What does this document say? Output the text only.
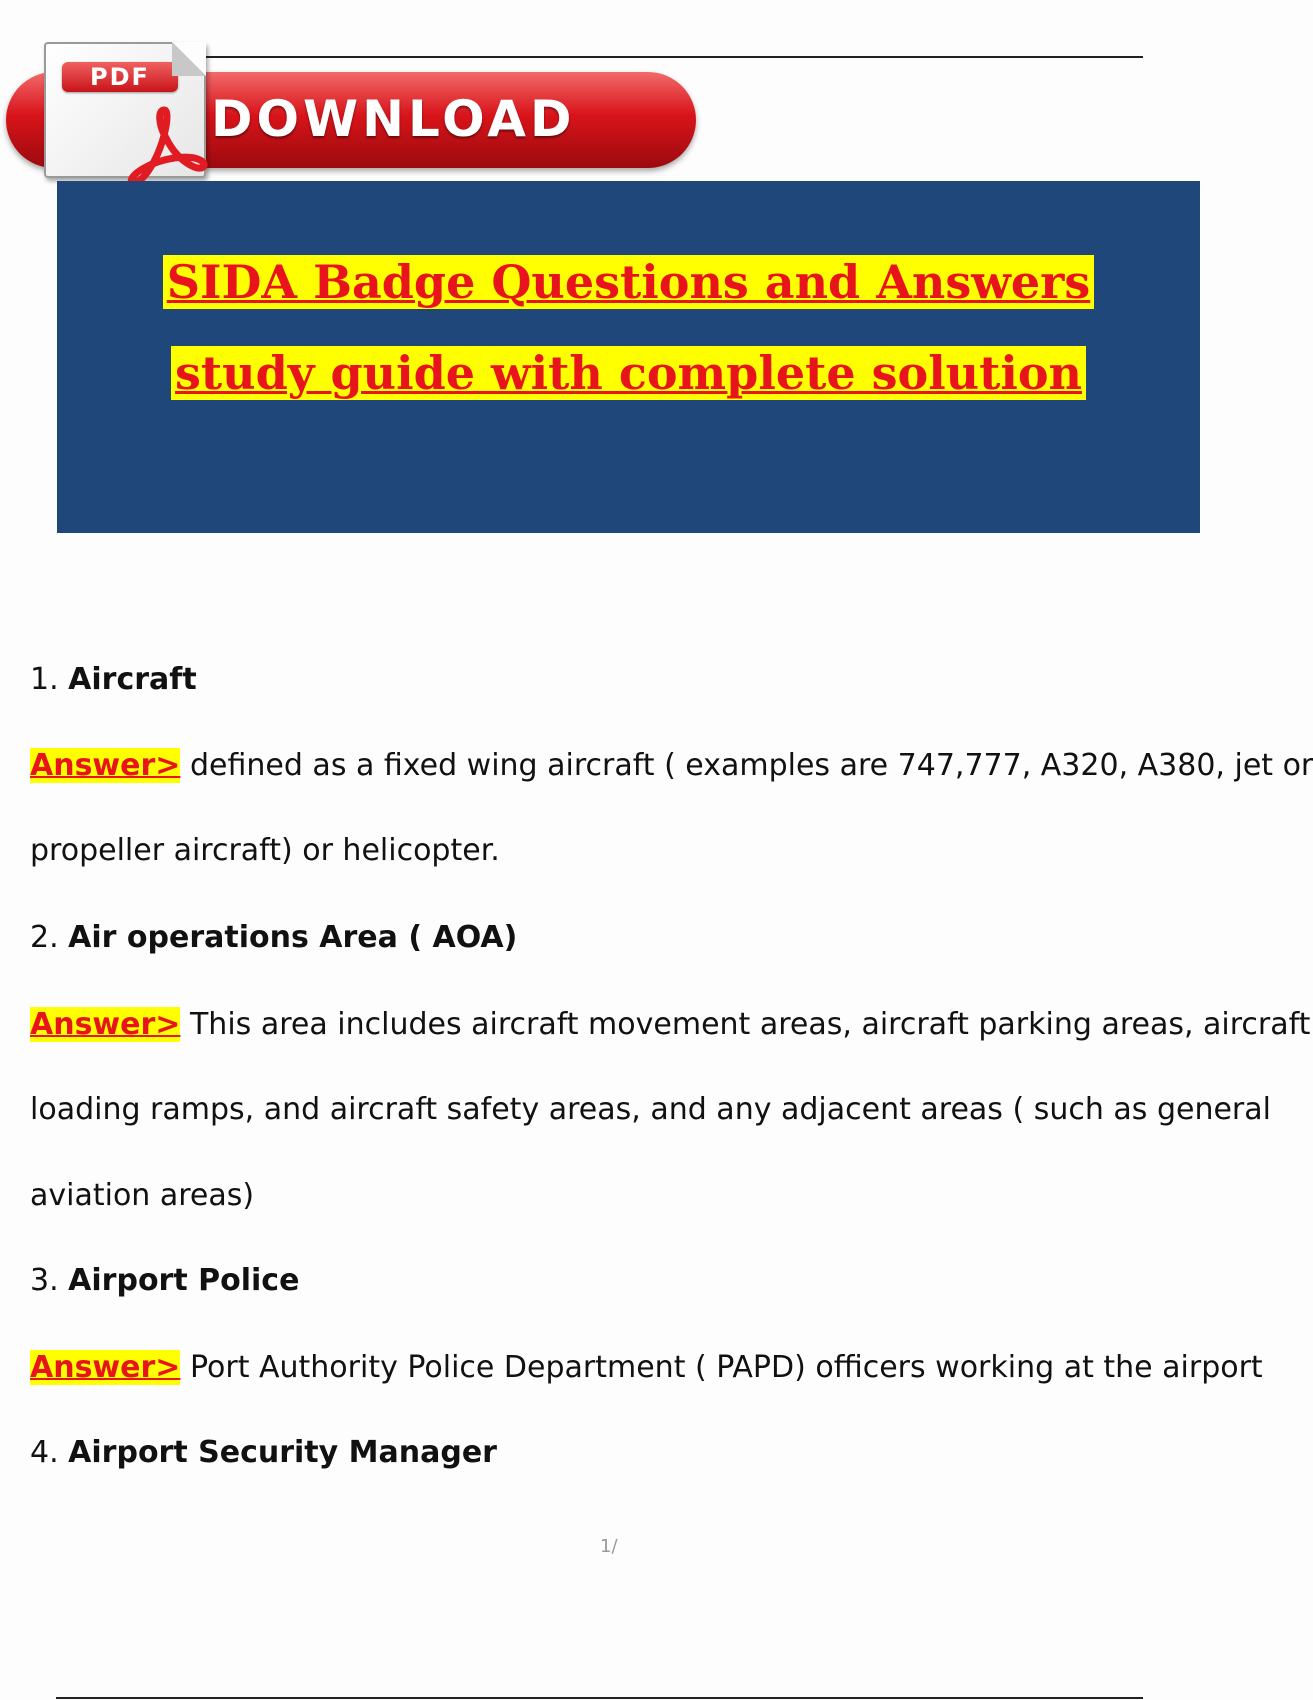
DOWNLOAD
PDF
SIDA Badge Questions and Answers
study guide with complete solution
1. Aircraft
Answer> defined as a fixed wing aircraft ( examples are 747,777, A320, A380, jet or
propeller aircraft) or helicopter.
2. Air operations Area ( AOA)
Answer> This area includes aircraft movement areas, aircraft parking areas, aircraft
loading ramps, and aircraft safety areas, and any adjacent areas ( such as general
aviation areas)
3. Airport Police
Answer> Port Authority Police Department ( PAPD) officers working at the airport
4. Airport Security Manager
1/
